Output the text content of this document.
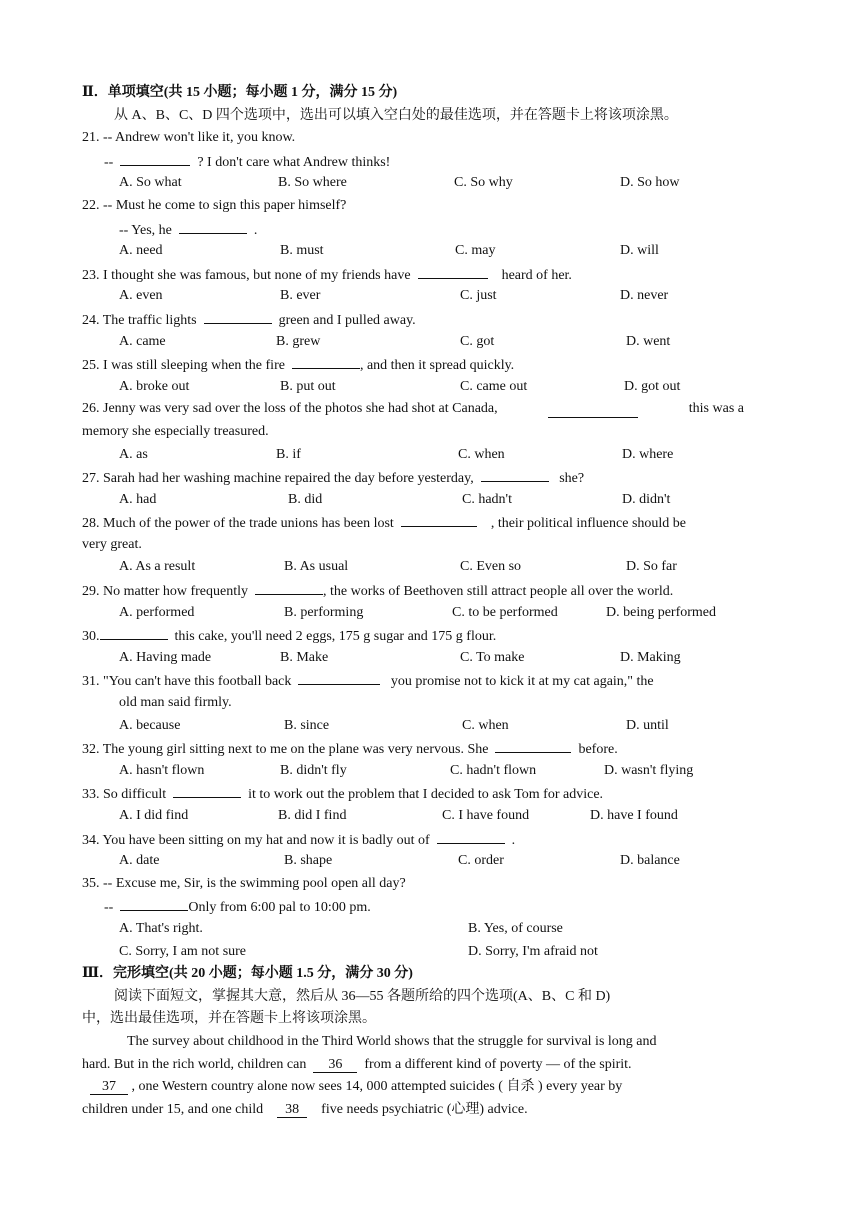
Ⅱ．单项填空(共 15 小题；每小题 1 分，满分 15 分)
从 A、B、C、D 四个选项中，选出可以填入空白处的最佳选项，并在答题卡上将该项涂黑。
21. -- Andrew won't like it, you know.
--	? I don't care what Andrew thinks!
A. So what	B. So where	C. So why	D. So how
22. -- Must he come to sign this paper himself?
-- Yes, he	.
A. need	B. must	C. may	D. will
23. I thought she was famous, but none of my friends have	heard of her.
A. even	B. ever	C. just	D. never
24. The traffic lights	green and I pulled away.
A. came	B. grew	C. got	D. went
25. I was still sleeping when the fire	, and then it spread quickly.
A. broke out	B. put out	C. came out	D. got out
26. Jenny was very sad over the loss of the photos she had shot at Canada,	this was a
memory she especially treasured.
A. as	B. if	C. when	D. where
27. Sarah had her washing machine repaired the day before yesterday,	she?
A. had	B. did	C. hadn't	D. didn't
28. Much of the power of the trade unions has been lost	, their political influence should be
very great.
A. As a result	B. As usual	C. Even so	D. So far
29. No matter how frequently	, the works of Beethoven still attract people all over the world.
A. performed	B. performing	C. to be performed	D. being performed
30.	this cake, you'll need 2 eggs, 175 g sugar and 175 g flour.
A. Having made	B. Make	C. To make	D. Making
31. "You can't have this football back	you promise not to kick it at my cat again," the
old man said firmly.
A. because	B. since	C. when	D. until
32. The young girl sitting next to me on the plane was very nervous. She	before.
A. hasn't flown	B. didn't fly	C. hadn't flown	D. wasn't flying
33. So difficult	it to work out the problem that I decided to ask Tom for advice.
A. I did find	B. did I find	C. I have found	D. have I found
34. You have been sitting on my hat and now it is badly out of	.
A. date	B. shape	C. order	D. balance
35. -- Excuse me, Sir, is the swimming pool open all day?
--	Only from 6:00 pal to 10:00 pm.
A. That's right.	B. Yes, of course
C. Sorry, I am not sure	D. Sorry, I'm afraid not
Ⅲ．完形填空(共 20 小题；每小题 1.5 分，满分 30 分)
阅读下面短文，掌握其大意，然后从 36—55 各题所给的四个选项(A、B、C 和 D)
中，选出最佳选项，并在答题卡上将该项涂黑。
The survey about childhood in the Third World shows that the struggle for survival is long and
hard. But in the rich world, children can 36 from a different kind of poverty — of the spirit.
37 , one Western country alone now sees 14, 000 attempted suicides ( 自杀 ) every year by
children under 15, and one child 38 five needs psychiatric (心理) advice.
